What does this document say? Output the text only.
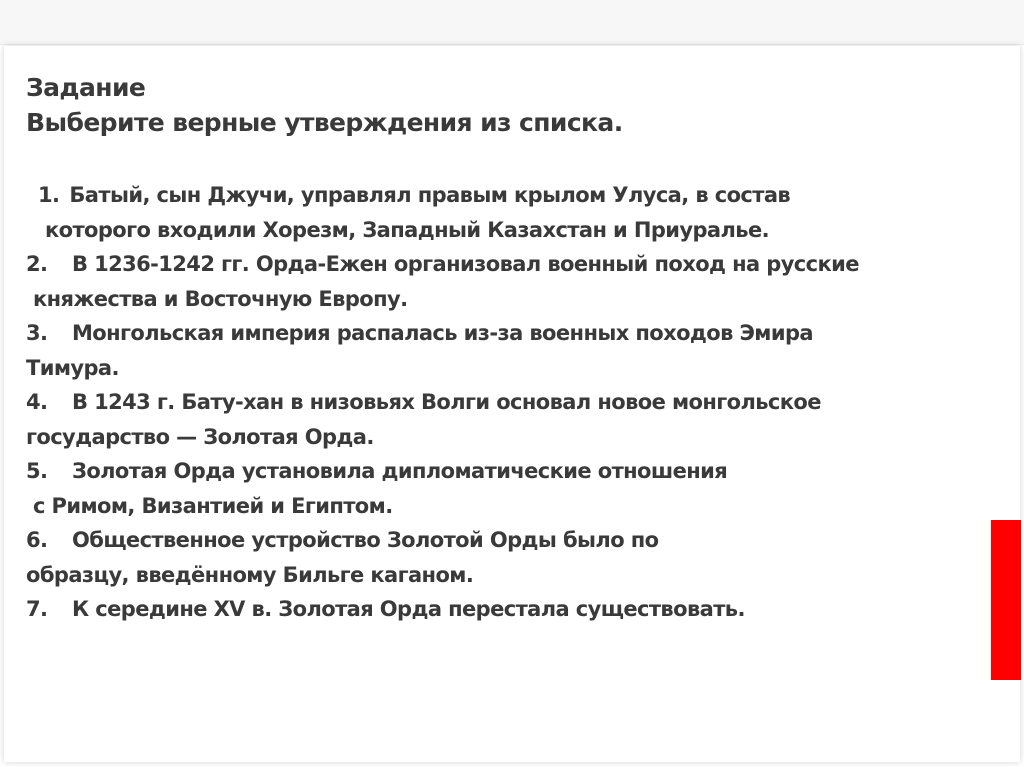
Задание
Выберите верные утверждения из списка.
1. Батый, сын Джучи, управлял правым крылом Улуса, в состав
которого входили Хорезм, Западный Казахстан и Приуралье.
2. В 1236-1242 гг. Орда-Ежен организовал военный поход на русские
княжества и Восточную Европу.
3. Монгольская империя распалась из-за военных походов Эмира
Тимура.
4. В 1243 г. Бату-хан в низовьях Волги основал новое монгольское
государство — Золотая Орда.
5. Золотая Орда установила дипломатические отношения
с Римом, Византией и Египтом.
6. Общественное устройство Золотой Орды было по
образцу, введённому Бильге каганом.
7. К середине XV в. Золотая Орда перестала существовать.
